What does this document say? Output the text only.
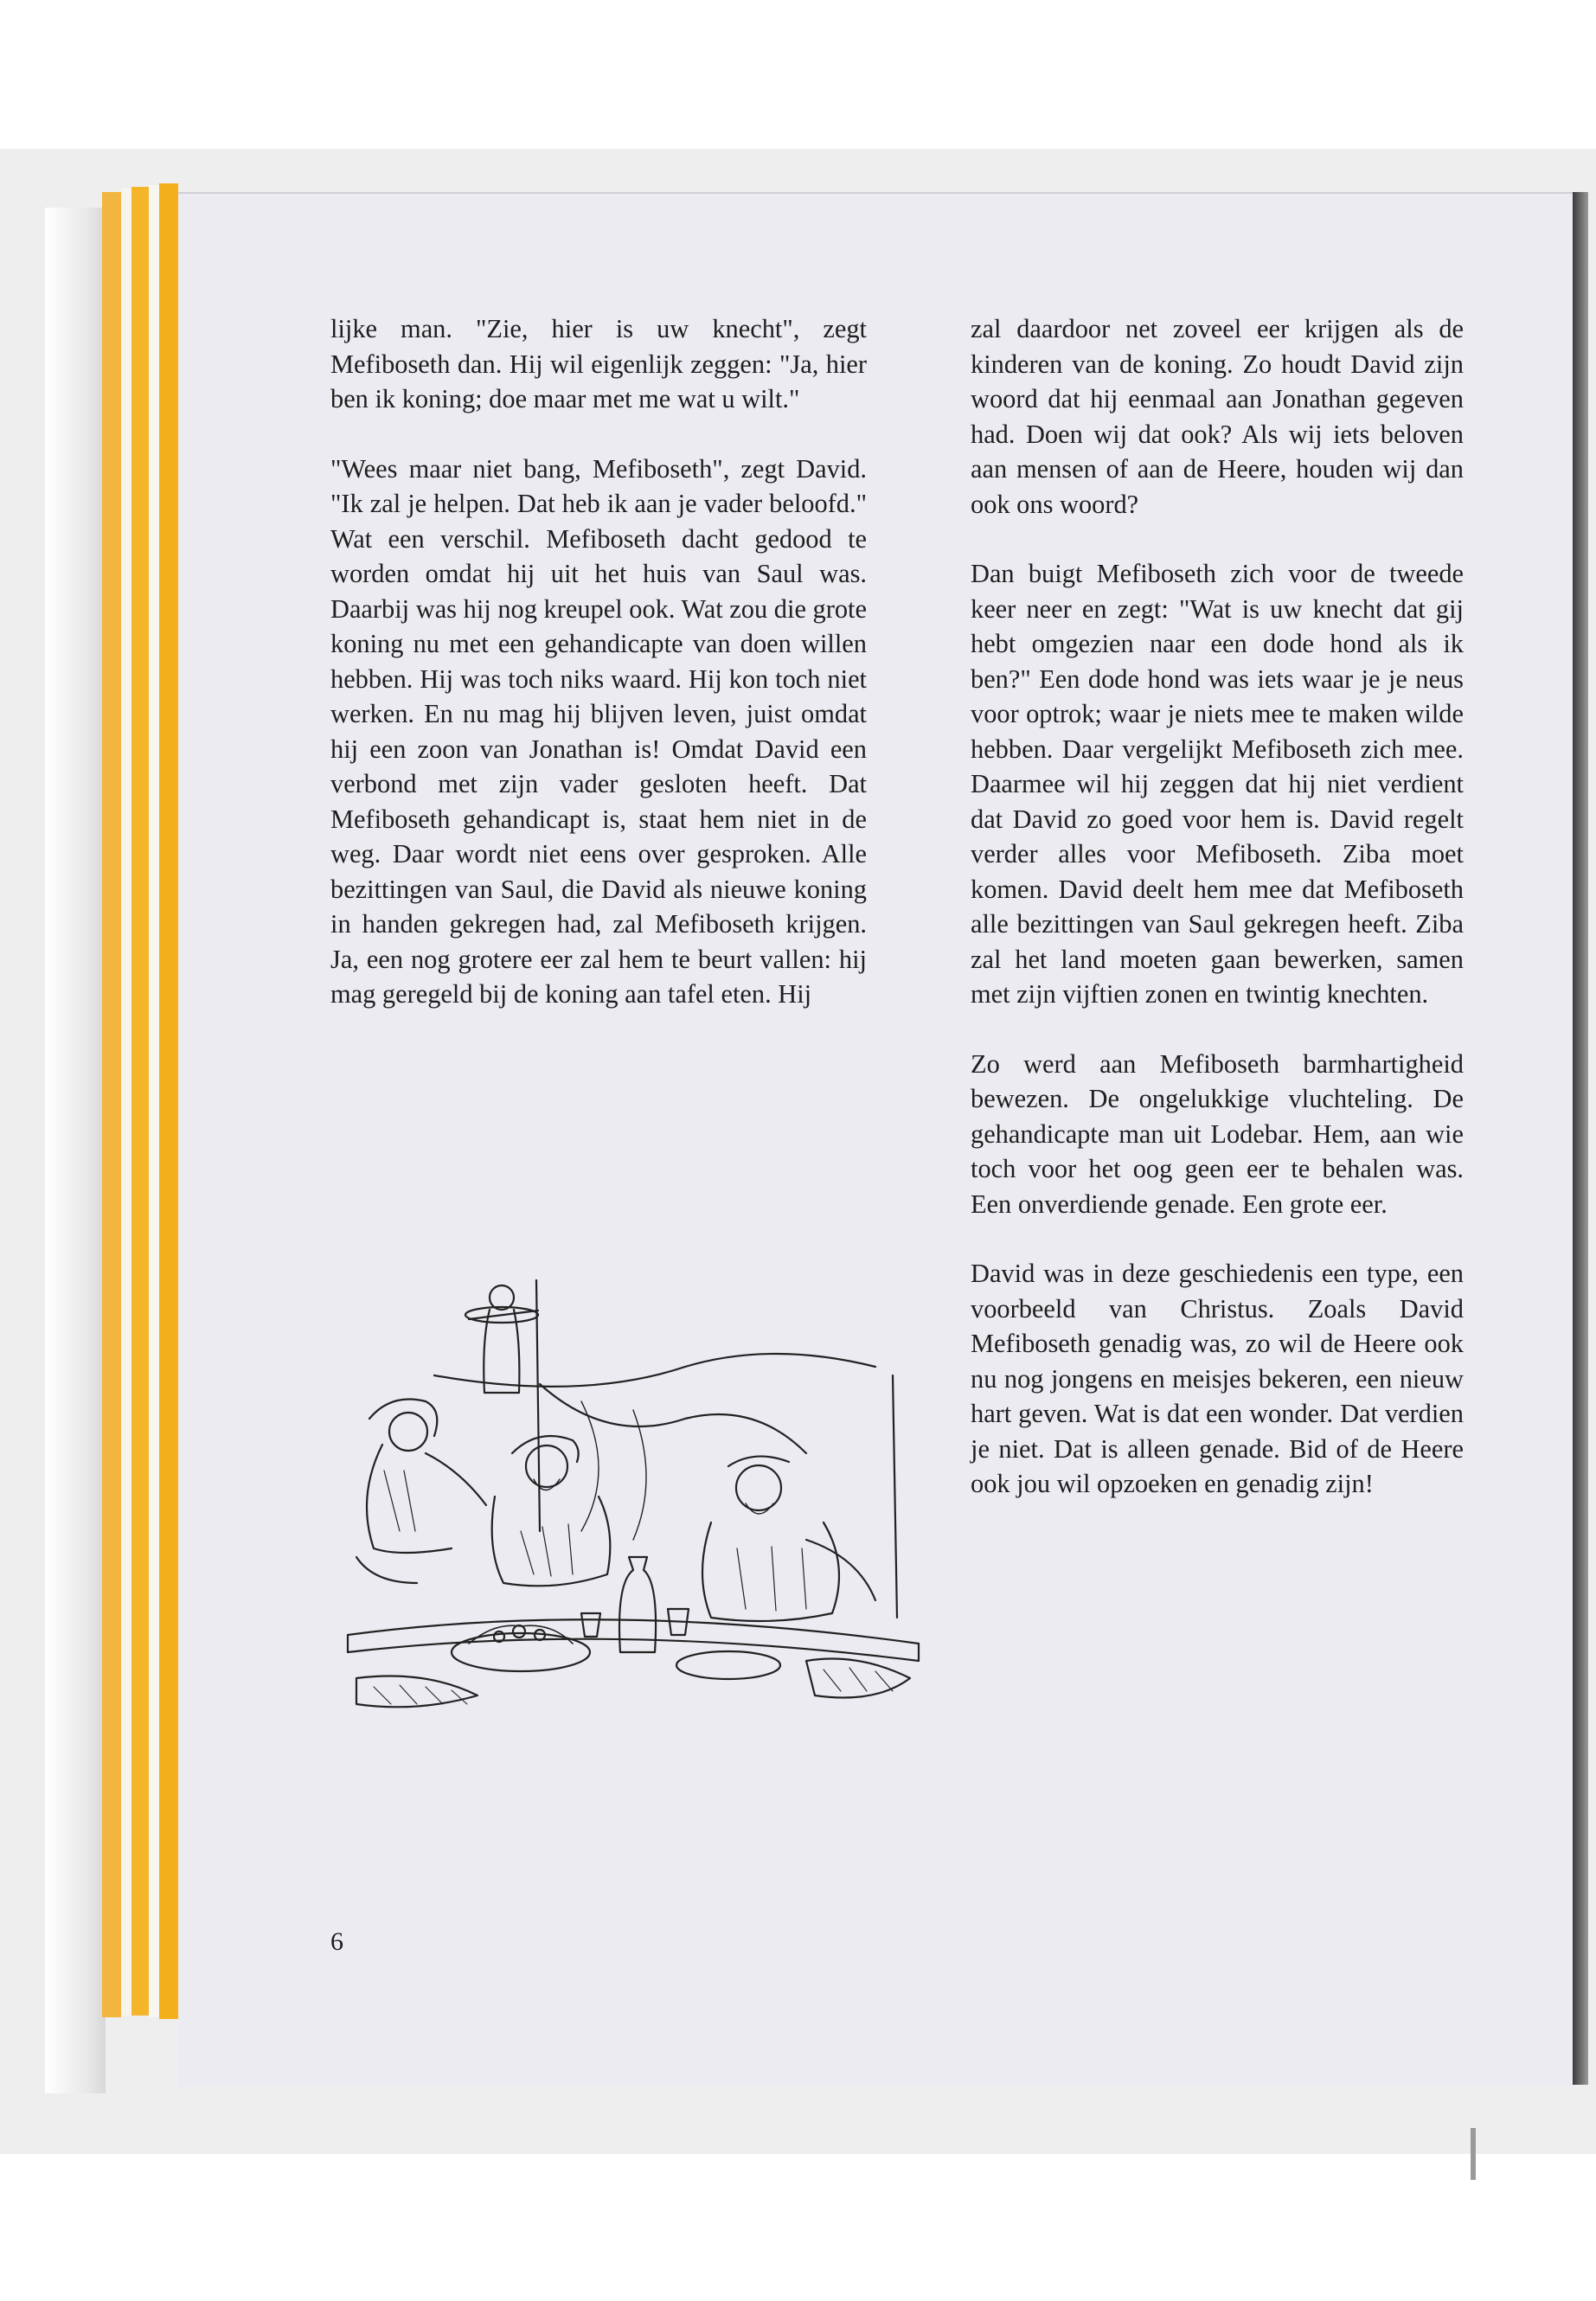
lijke man. "Zie, hier is uw knecht", zegt Mefiboseth dan. Hij wil eigenlijk zeggen: "Ja, hier ben ik koning; doe maar met me wat u wilt."

"Wees maar niet bang, Mefiboseth", zegt David. "Ik zal je helpen. Dat heb ik aan je vader beloofd." Wat een verschil. Mefiboseth dacht gedood te worden omdat hij uit het huis van Saul was. Daarbij was hij nog kreupel ook. Wat zou die grote koning nu met een gehandicapte van doen willen hebben. Hij was toch niks waard. Hij kon toch niet werken. En nu mag hij blijven leven, juist omdat hij een zoon van Jonathan is! Omdat David een verbond met zijn vader gesloten heeft. Dat Mefiboseth gehandicapt is, staat hem niet in de weg. Daar wordt niet eens over gesproken. Alle bezittingen van Saul, die David als nieuwe koning in handen gekregen had, zal Mefiboseth krijgen. Ja, een nog grotere eer zal hem te beurt vallen: hij mag geregeld bij de koning aan tafel eten. Hij

zal daardoor net zoveel eer krijgen als de kinderen van de koning. Zo houdt David zijn woord dat hij eenmaal aan Jonathan gegeven had. Doen wij dat ook? Als wij iets beloven aan mensen of aan de Heere, houden wij dan ook ons woord?

Dan buigt Mefiboseth zich voor de tweede keer neer en zegt: "Wat is uw knecht dat gij hebt omgezien naar een dode hond als ik ben?" Een dode hond was iets waar je je neus voor optrok; waar je niets mee te maken wilde hebben. Daar vergelijkt Mefiboseth zich mee. Daarmee wil hij zeggen dat hij niet verdient dat David zo goed voor hem is. David regelt verder alles voor Mefiboseth. Ziba moet komen. David deelt hem mee dat Mefiboseth alle bezittingen van Saul gekregen heeft. Ziba zal het land moeten gaan bewerken, samen met zijn vijftien zonen en twintig knechten.

Zo werd aan Mefiboseth barmhartigheid bewezen. De ongelukkige vluchteling. De gehandicapte man uit Lodebar. Hem, aan wie toch voor het oog geen eer te behalen was. Een onverdiende genade. Een grote eer.

David was in deze geschiedenis een type, een voorbeeld van Christus. Zoals David Mefiboseth genadig was, zo wil de Heere ook nu nog jongens en meisjes bekeren, een nieuw hart geven. Wat is dat een wonder. Dat verdien je niet. Dat is alleen genade. Bid of de Heere ook jou wil opzoeken en genadig zijn!

6
